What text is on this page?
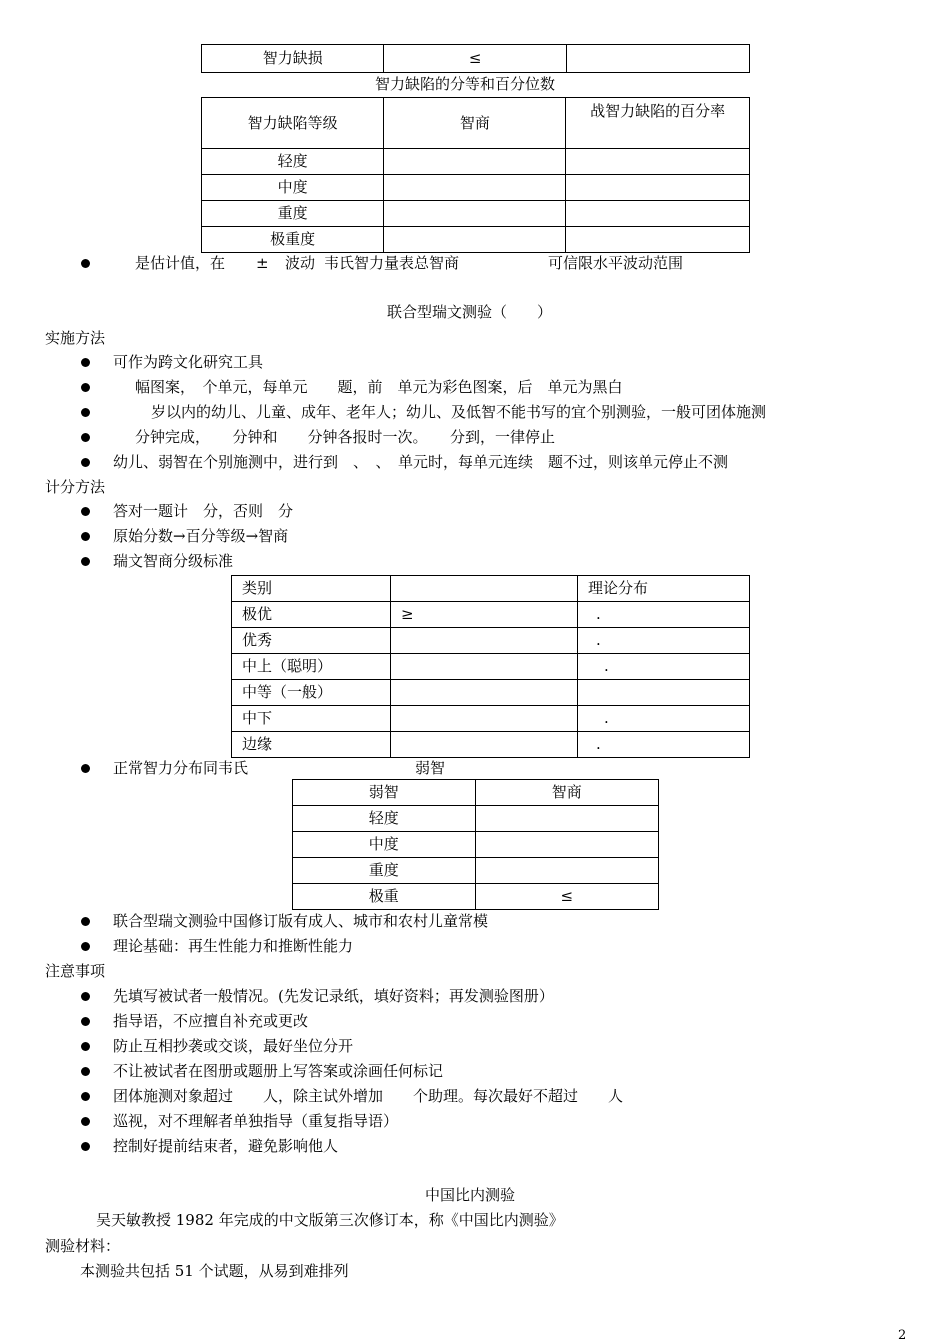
智力缺损	≤	
智力缺陷的分等和百分位数
智力缺陷等级	智商	战智力缺陷的百分率
轻度		
中度		
重度		
极重度		
是估计值，在 ± 波动 韦氏智力量表总智商	可信限水平波动范围
联合型瑞文测验（　　）
实施方法
可作为跨文化研究工具
幅图案，　个单元，每单元　　题，前　单元为彩色图案，后　单元为黑白
岁以内的幼儿、儿童、成年、老年人；幼儿、及低智不能书写的宜个别测验，一般可团体施测
分钟完成，　　分钟和　　分钟各报时一次。　　分到，一律停止
幼儿、弱智在个别施测中，进行到　、　、　单元时，每单元连续　题不过，则该单元停止不测
计分方法
答对一题计　分，否则　分
原始分数→百分等级→智商
瑞文智商分级标准
类别		理论分布
极优	≥	.
优秀		.
中上（聪明）		.
中等（一般）		
中下		.
边缘		.
正常智力分布同韦氏	弱智
弱智	智商
轻度	
中度	
重度	
极重	≤
联合型瑞文测验中国修订版有成人、城市和农村儿童常模
理论基础：再生性能力和推断性能力
注意事项
先填写被试者一般情况。(先发记录纸，填好资料；再发测验图册）
指导语，不应擅自补充或更改
防止互相抄袭或交谈，最好坐位分开
不让被试者在图册或题册上写答案或涂画任何标记
团体施测对象超过　　人，除主试外增加　　个助理。每次最好不超过　　人
巡视，对不理解者单独指导（重复指导语）
控制好提前结束者，避免影响他人
中国比内测验
吴天敏教授 1982 年完成的中文版第三次修订本，称《中国比内测验》
测验材料：
本测验共包括 51 个试题，从易到难排列
2
